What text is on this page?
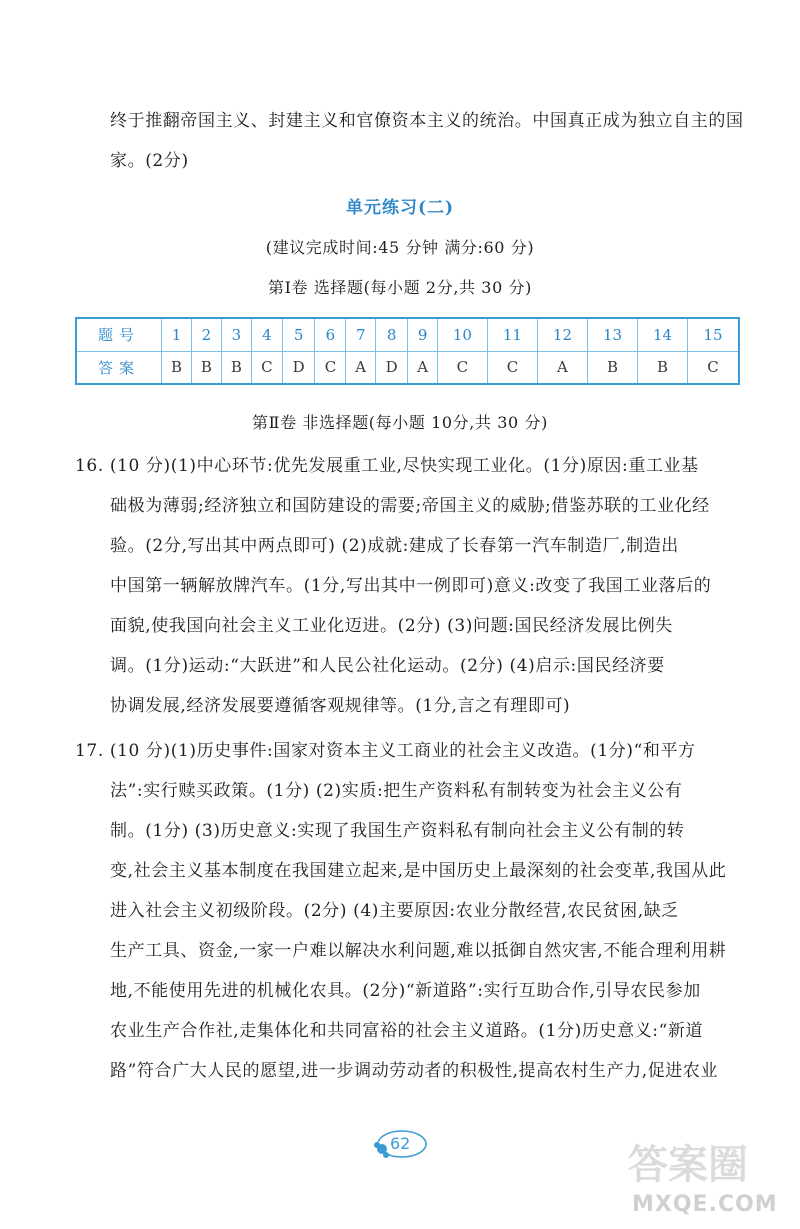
终于推翻帝国主义、封建主义和官僚资本主义的统治。中国真正成为独立自主的国
家。(2分)
单元练习(二)
(建议完成时间:45 分钟 满分:60 分)
第Ⅰ卷 选择题(每小题 2分,共 30 分)
题号	1	2	3	4	5	6	7	8	9	10	11	12	13	14	15
答案	B	B	B	C	D	C	A	D	A	C	C	A	B	B	C
第Ⅱ卷 非选择题(每小题 10分,共 30 分)
16. (10 分)(1)中心环节:优先发展重工业,尽快实现工业化。(1分)原因:重工业基
础极为薄弱;经济独立和国防建设的需要;帝国主义的威胁;借鉴苏联的工业化经
验。(2分,写出其中两点即可) (2)成就:建成了长春第一汽车制造厂,制造出
中国第一辆解放牌汽车。(1分,写出其中一例即可)意义:改变了我国工业落后的
面貌,使我国向社会主义工业化迈进。(2分) (3)问题:国民经济发展比例失
调。(1分)运动:“大跃进”和人民公社化运动。(2分) (4)启示:国民经济要
协调发展,经济发展要遵循客观规律等。(1分,言之有理即可)
17. (10 分)(1)历史事件:国家对资本主义工商业的社会主义改造。(1分)“和平方
法”:实行赎买政策。(1分) (2)实质:把生产资料私有制转变为社会主义公有
制。(1分) (3)历史意义:实现了我国生产资料私有制向社会主义公有制的转
变,社会主义基本制度在我国建立起来,是中国历史上最深刻的社会变革,我国从此
进入社会主义初级阶段。(2分) (4)主要原因:农业分散经营,农民贫困,缺乏
生产工具、资金,一家一户难以解决水利问题,难以抵御自然灾害,不能合理利用耕
地,不能使用先进的机械化农具。(2分)“新道路”:实行互助合作,引导农民参加
农业生产合作社,走集体化和共同富裕的社会主义道路。(1分)历史意义:“新道
路”符合广大人民的愿望,进一步调动劳动者的积极性,提高农村生产力,促进农业
62	答案圈
MXQE.COM
